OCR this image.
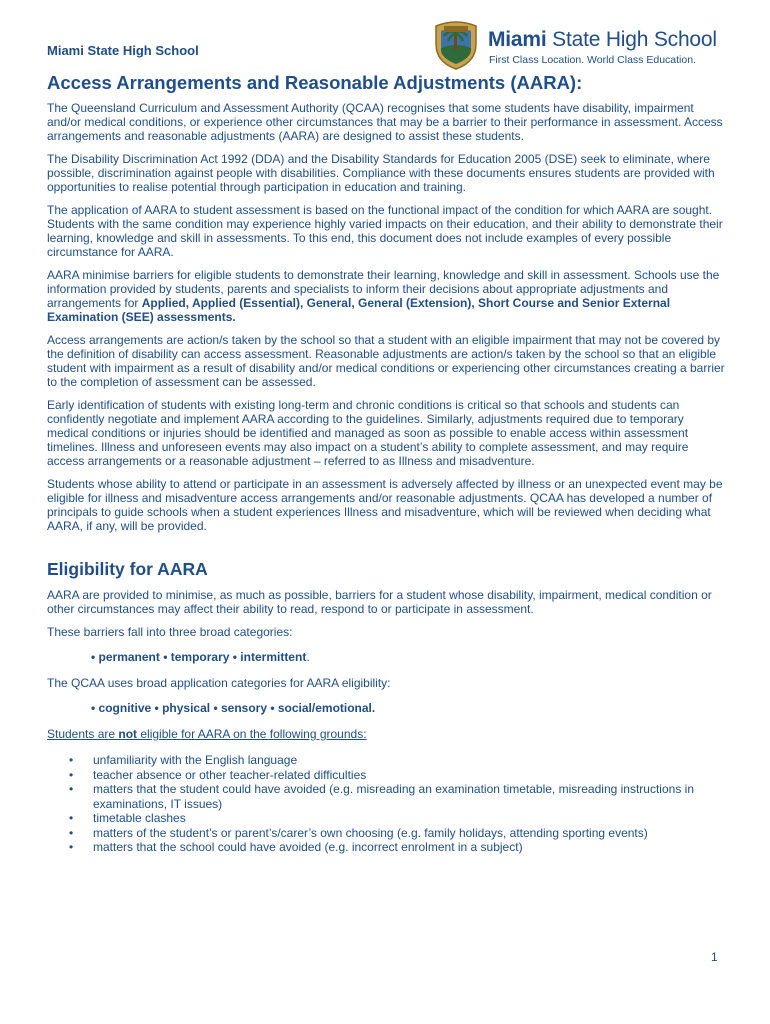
Miami State High School	Miami State High School
First Class Location. World Class Education.
Access Arrangements and Reasonable Adjustments (AARA):

The Queensland Curriculum and Assessment Authority (QCAA) recognises that some students have disability, impairment and/or medical conditions, or experience other circumstances that may be a barrier to their performance in assessment. Access arrangements and reasonable adjustments (AARA) are designed to assist these students.

The Disability Discrimination Act 1992 (DDA) and the Disability Standards for Education 2005 (DSE) seek to eliminate, where possible, discrimination against people with disabilities. Compliance with these documents ensures students are provided with opportunities to realise potential through participation in education and training.

The application of AARA to student assessment is based on the functional impact of the condition for which AARA are sought. Students with the same condition may experience highly varied impacts on their education, and their ability to demonstrate their learning, knowledge and skill in assessments. To this end, this document does not include examples of every possible circumstance for AARA.

AARA minimise barriers for eligible students to demonstrate their learning, knowledge and skill in assessment. Schools use the information provided by students, parents and specialists to inform their decisions about appropriate adjustments and arrangements for Applied, Applied (Essential), General, General (Extension), Short Course and Senior External Examination (SEE) assessments.

Access arrangements are action/s taken by the school so that a student with an eligible impairment that may not be covered by the definition of disability can access assessment. Reasonable adjustments are action/s taken by the school so that an eligible student with impairment as a result of disability and/or medical conditions or experiencing other circumstances creating a barrier to the completion of assessment can be assessed.

Early identification of students with existing long-term and chronic conditions is critical so that schools and students can confidently negotiate and implement AARA according to the guidelines. Similarly, adjustments required due to temporary medical conditions or injuries should be identified and managed as soon as possible to enable access within assessment timelines. Illness and unforeseen events may also impact on a student’s ability to complete assessment, and may require access arrangements or a reasonable adjustment – referred to as Illness and misadventure.

Students whose ability to attend or participate in an assessment is adversely affected by illness or an unexpected event may be eligible for illness and misadventure access arrangements and/or reasonable adjustments. QCAA has developed a number of principals to guide schools when a student experiences Illness and misadventure, which will be reviewed when deciding what AARA, if any, will be provided.

Eligibility for AARA

AARA are provided to minimise, as much as possible, barriers for a student whose disability, impairment, medical condition or other circumstances may affect their ability to read, respond to or participate in assessment.

These barriers fall into three broad categories:

• permanent • temporary • intermittent.

The QCAA uses broad application categories for AARA eligibility:

• cognitive • physical • sensory • social/emotional.

Students are not eligible for AARA on the following grounds:

• unfamiliarity with the English language
• teacher absence or other teacher-related difficulties
• matters that the student could have avoided (e.g. misreading an examination timetable, misreading instructions in examinations, IT issues)
• timetable clashes
• matters of the student’s or parent’s/carer’s own choosing (e.g. family holidays, attending sporting events)
• matters that the school could have avoided (e.g. incorrect enrolment in a subject)
1
